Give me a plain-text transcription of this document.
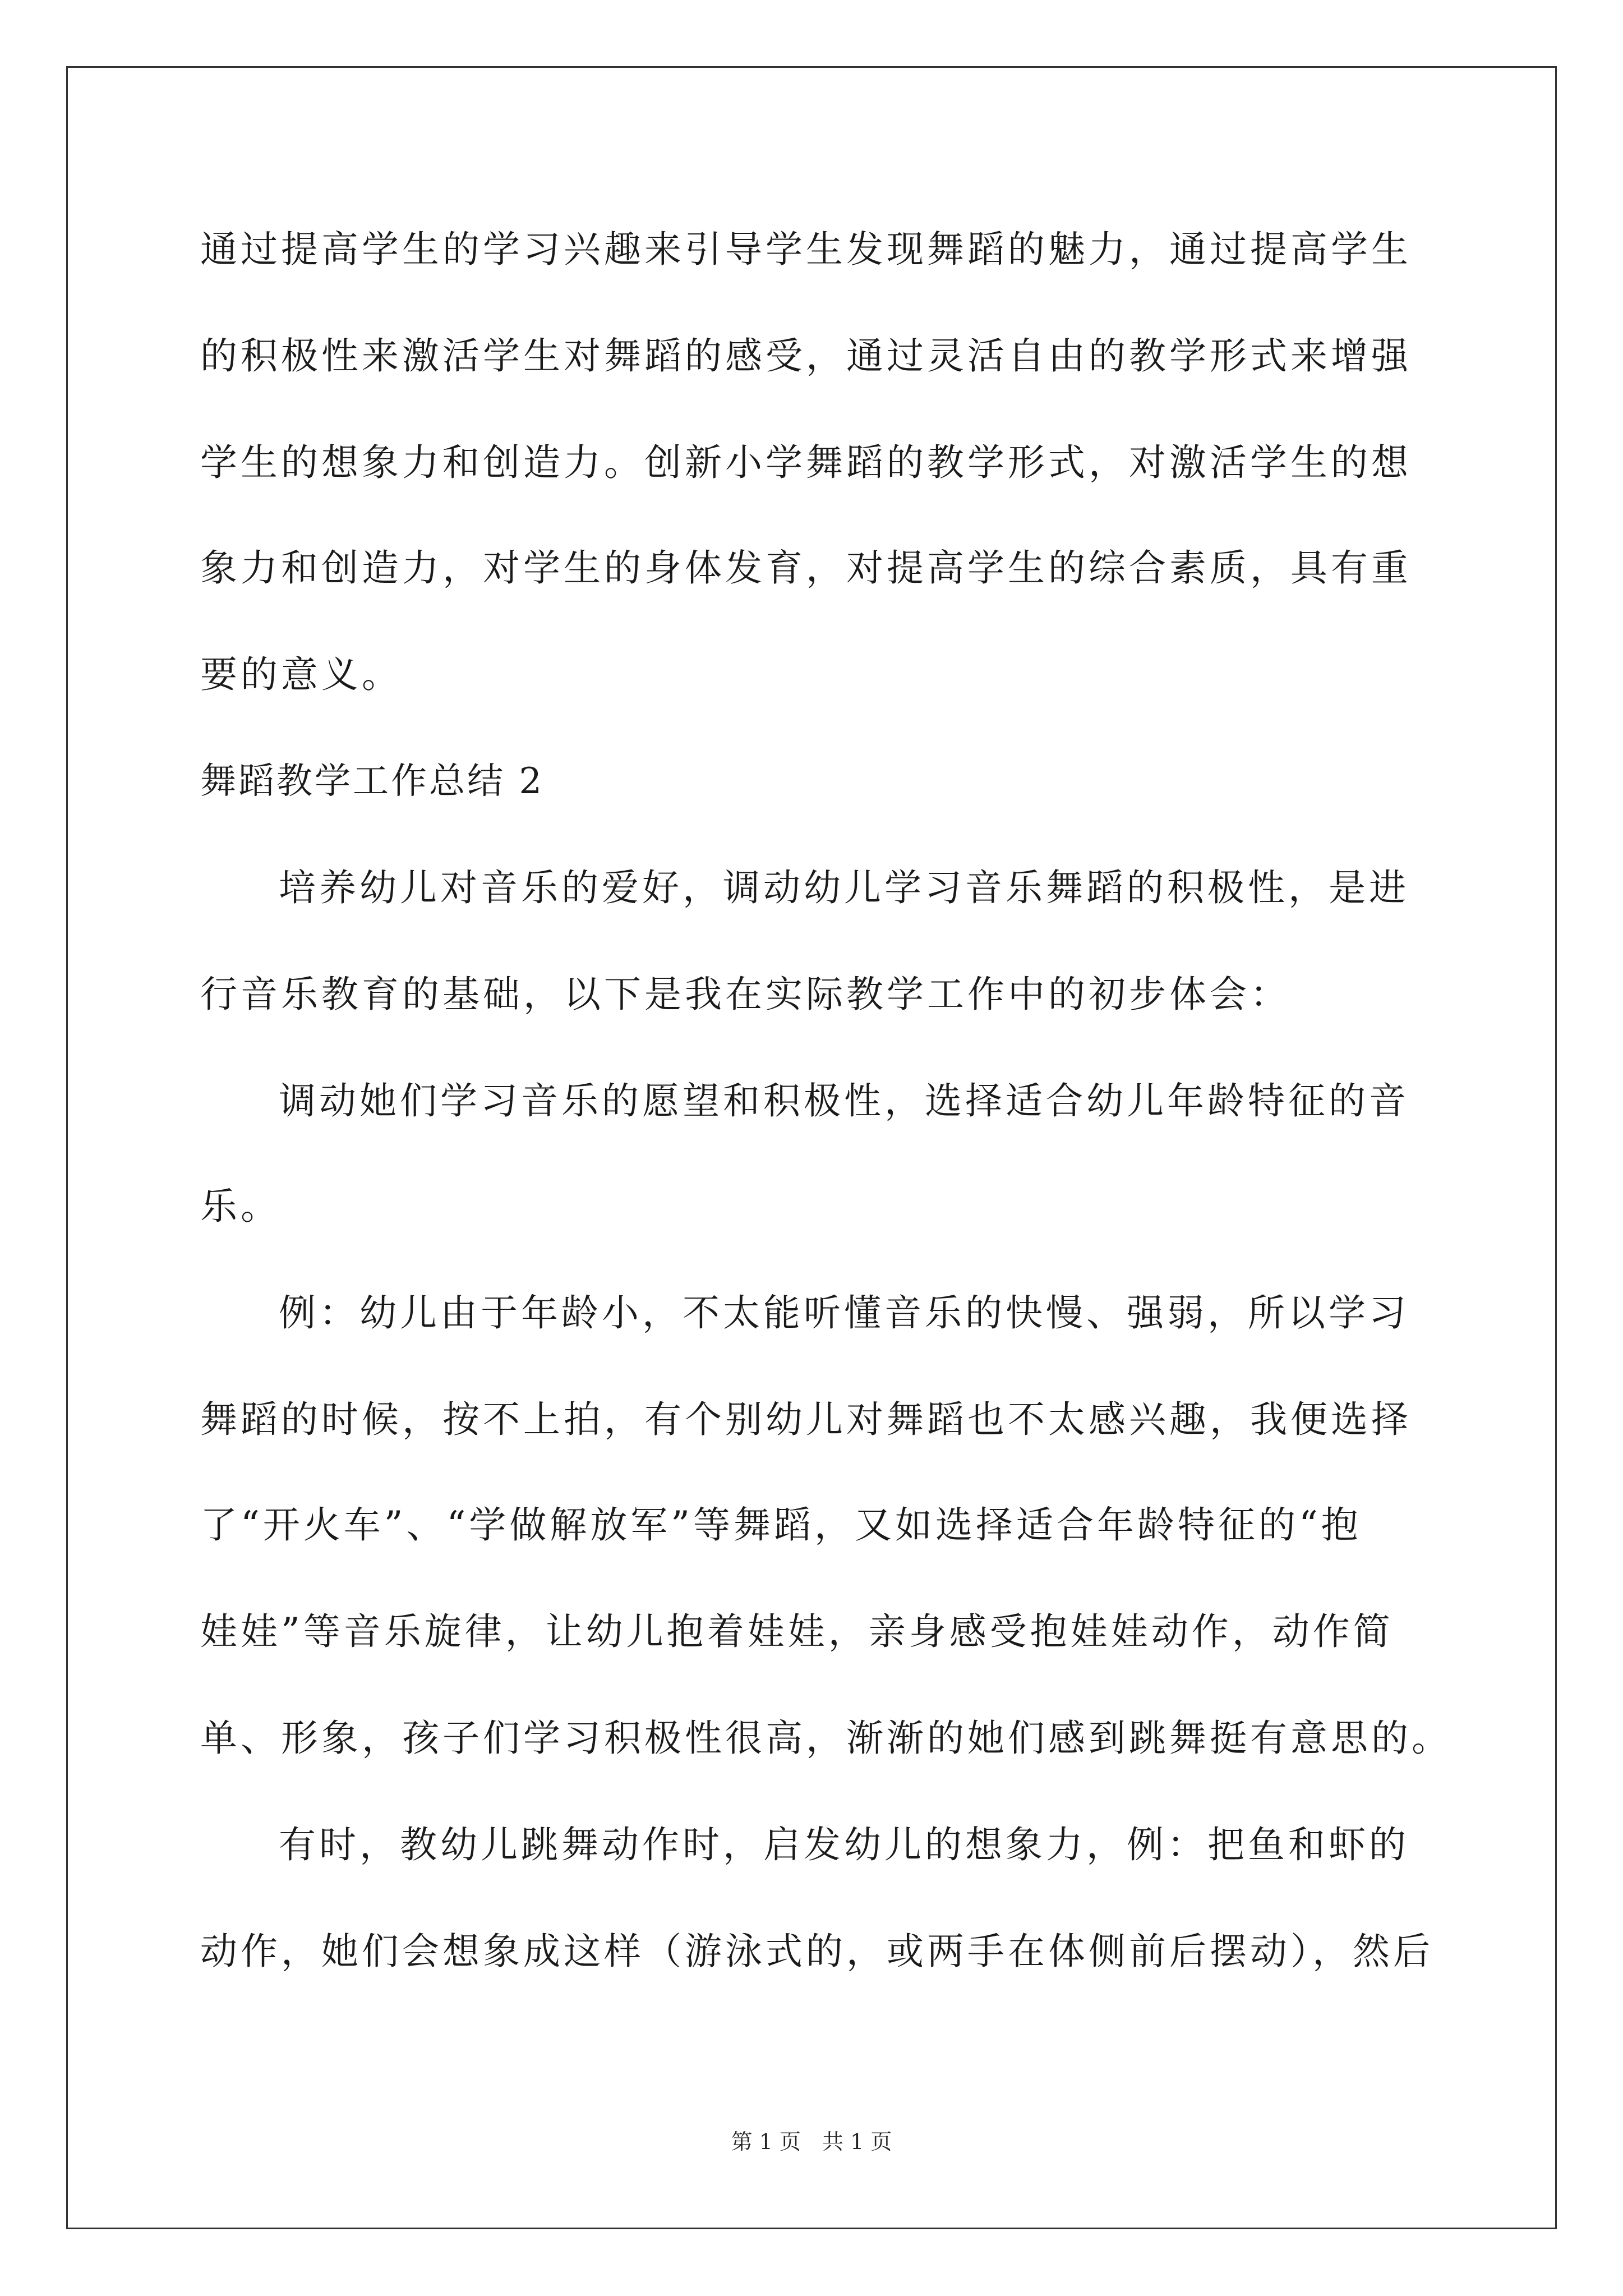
通过提高学生的学习兴趣来引导学生发现舞蹈的魅力，通过提高学生
的积极性来激活学生对舞蹈的感受，通过灵活自由的教学形式来增强
学生的想象力和创造力。创新小学舞蹈的教学形式，对激活学生的想
象力和创造力，对学生的身体发育，对提高学生的综合素质，具有重
要的意义。
舞蹈教学工作总结 2
培养幼儿对音乐的爱好，调动幼儿学习音乐舞蹈的积极性，是进
行音乐教育的基础，以下是我在实际教学工作中的初步体会：
调动她们学习音乐的愿望和积极性，选择适合幼儿年龄特征的音
乐。
例：幼儿由于年龄小，不太能听懂音乐的快慢、强弱，所以学习
舞蹈的时候，按不上拍，有个别幼儿对舞蹈也不太感兴趣，我便选择
了“开火车”、“学做解放军”等舞蹈，又如选择适合年龄特征的“抱
娃娃”等音乐旋律，让幼儿抱着娃娃，亲身感受抱娃娃动作，动作简
单、形象，孩子们学习积极性很高，渐渐的她们感到跳舞挺有意思的。
有时，教幼儿跳舞动作时，启发幼儿的想象力，例：把鱼和虾的
动作，她们会想象成这样（游泳式的，或两手在体侧前后摆动），然后
第 1 页　共 1 页
